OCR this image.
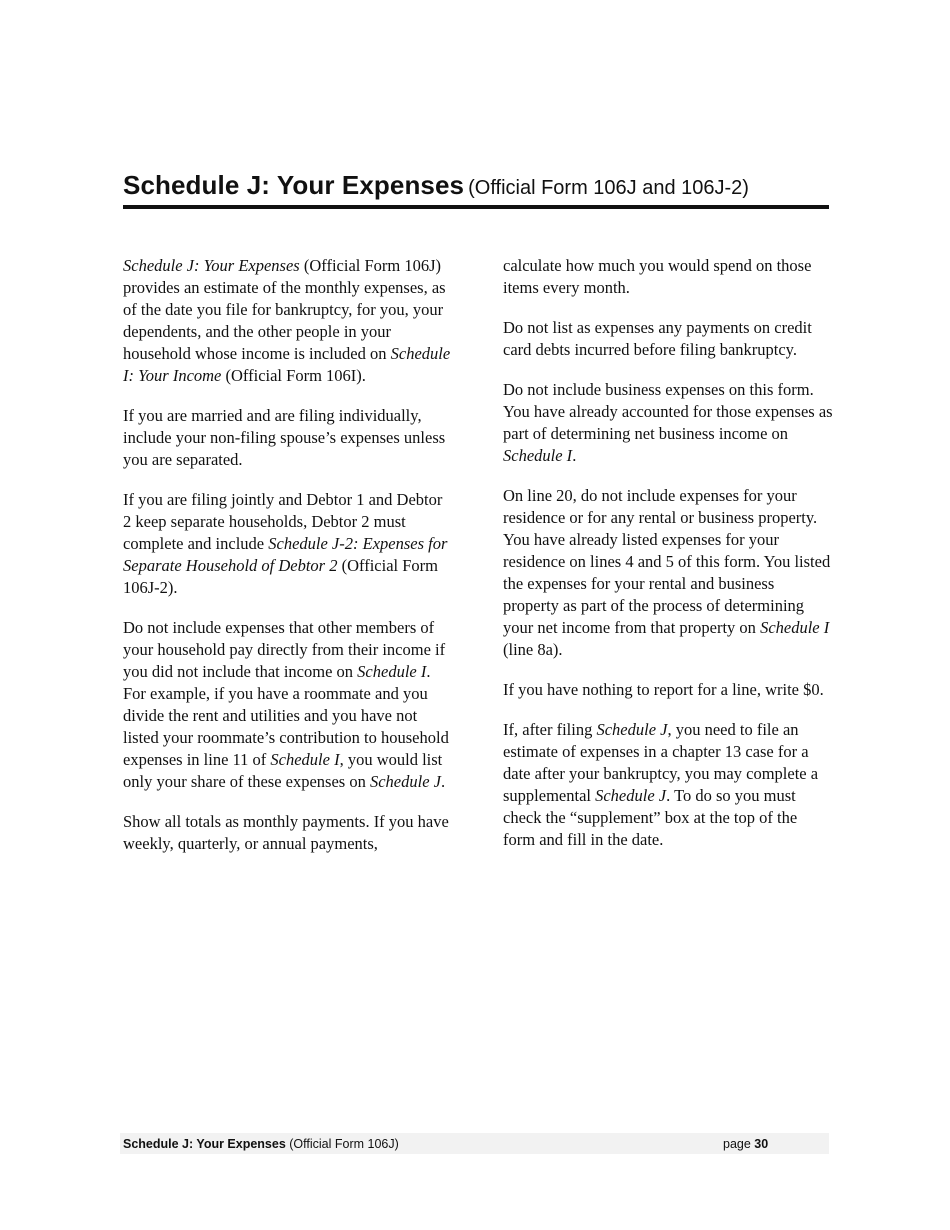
Schedule J: Your Expenses (Official Form 106J and 106J-2)

Schedule J: Your Expenses (Official Form 106J) provides an estimate of the monthly expenses, as of the date you file for bankruptcy, for you, your dependents, and the other people in your household whose income is included on Schedule I: Your Income (Official Form 106I).

If you are married and are filing individually, include your non-filing spouse’s expenses unless you are separated.

If you are filing jointly and Debtor 1 and Debtor 2 keep separate households, Debtor 2 must complete and include Schedule J-2: Expenses for Separate Household of Debtor 2 (Official Form 106J-2).

Do not include expenses that other members of your household pay directly from their income if you did not include that income on Schedule I. For example, if you have a roommate and you divide the rent and utilities and you have not listed your roommate’s contribution to household expenses in line 11 of Schedule I, you would list only your share of these expenses on Schedule J.

Show all totals as monthly payments. If you have weekly, quarterly, or annual payments,

calculate how much you would spend on those items every month.

Do not list as expenses any payments on credit card debts incurred before filing bankruptcy.

Do not include business expenses on this form. You have already accounted for those expenses as part of determining net business income on Schedule I.

On line 20, do not include expenses for your residence or for any rental or business property. You have already listed expenses for your residence on lines 4 and 5 of this form. You listed the expenses for your rental and business property as part of the process of determining your net income from that property on Schedule I (line 8a).

If you have nothing to report for a line, write $0.

If, after filing Schedule J, you need to file an estimate of expenses in a chapter 13 case for a date after your bankruptcy, you may complete a supplemental Schedule J. To do so you must check the “supplement” box at the top of the form and fill in the date.

Schedule J: Your Expenses (Official Form 106J)	page 30
